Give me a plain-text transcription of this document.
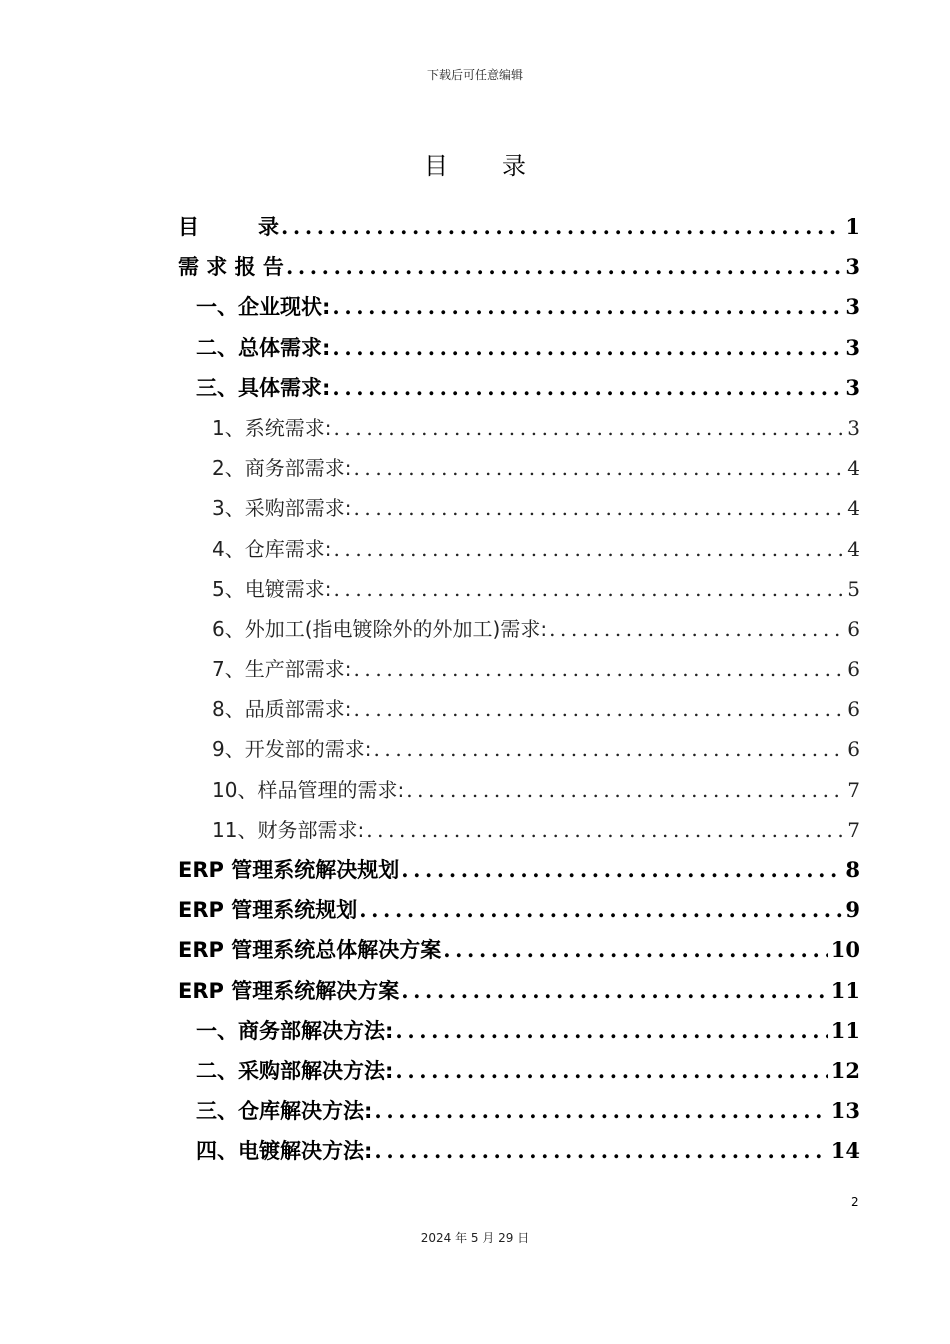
下载后可任意编辑
目 录
目	录 .....	1
需 求 报 告 .....	3
一、企业现状: .....	3
二、总体需求: .....	3
三、具体需求: .....	3
1、系统需求: .....	3
2、商务部需求: .....	4
3、采购部需求: .....	4
4、仓库需求: .....	4
5、电镀需求: .....	5
6、外加工(指电镀除外的外加工)需求: .....	6
7、生产部需求: .....	6
8、品质部需求: .....	6
9、开发部的需求: .....	6
10、样品管理的需求: .....	7
11、财务部需求: .....	7
ERP 管理系统解决规划 .....	8
ERP 管理系统规划 .....	9
ERP 管理系统总体解决方案 .....	10
ERP 管理系统解决方案 .....	11
一、商务部解决方法: .....	11
二、采购部解决方法: .....	12
三、仓库解决方法: .....	13
四、电镀解决方法: .....	14
2
2024 年 5 月 29 日
